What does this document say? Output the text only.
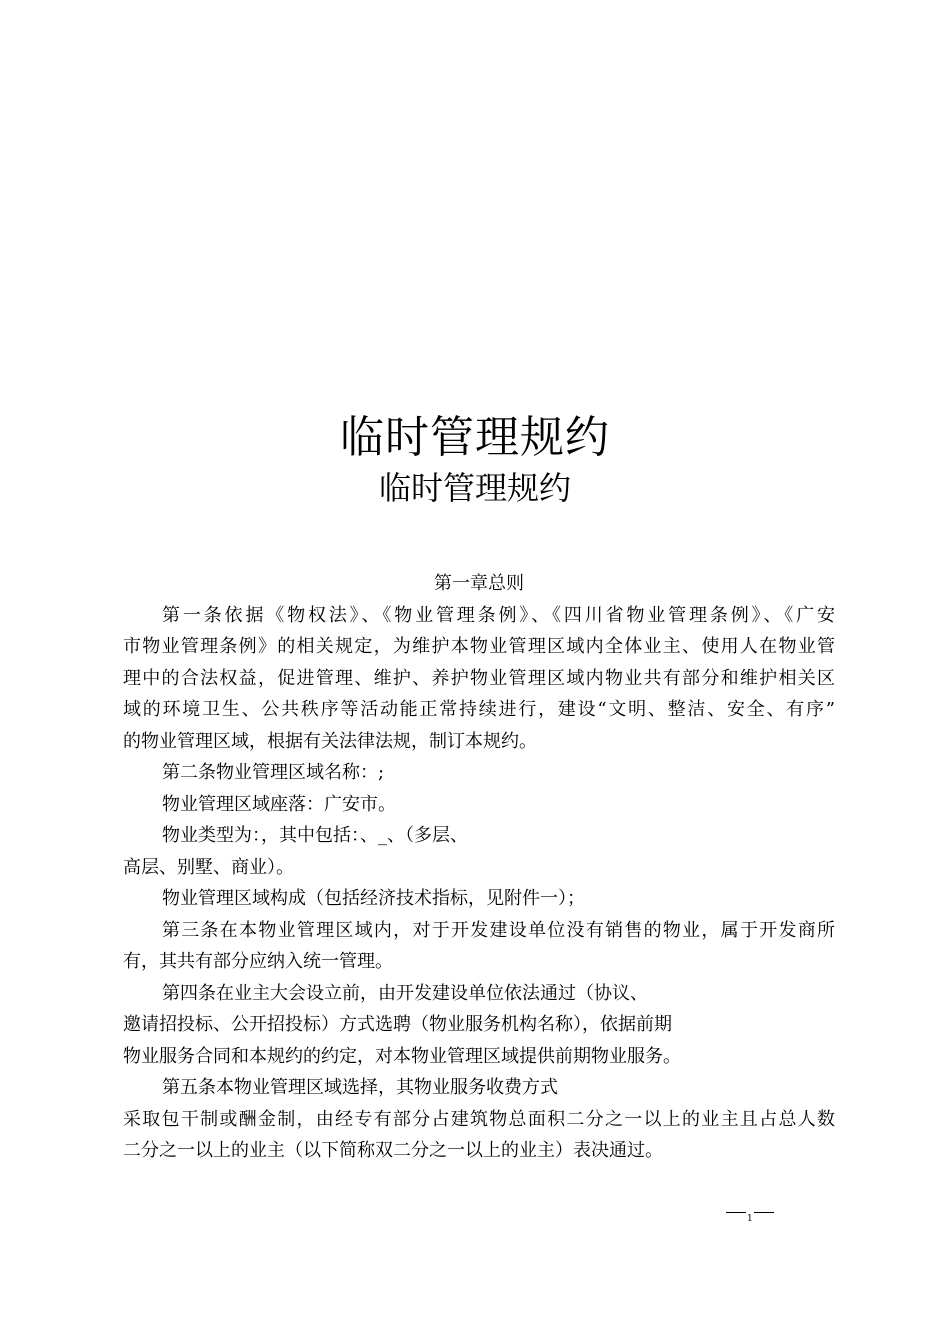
临时管理规约
临时管理规约
第一章总则
第一条依据《物权法》、《物业管理条例》、《四川省物业管理条例》、《广安
市物业管理条例》的相关规定，为维护本物业管理区域内全体业主、使用人在物业管
理中的合法权益，促进管理、维护、养护物业管理区域内物业共有部分和维护相关区
域的环境卫生、公共秩序等活动能正常持续进行，建设“文明、整洁、安全、有序”
的物业管理区域，根据有关法律法规，制订本规约。
第二条物业管理区域名称：;
物业管理区域座落：广安市。
物业类型为：，其中包括：、_、（多层、
高层、别墅、商业）。
物业管理区域构成（包括经济技术指标，见附件一）；
第三条在本物业管理区域内，对于开发建设单位没有销售的物业，属于开发商所
有，其共有部分应纳入统一管理。
第四条在业主大会设立前，由开发建设单位依法通过（协议、
邀请招投标、公开招投标）方式选聘（物业服务机构名称），依据前期
物业服务合同和本规约的约定，对本物业管理区域提供前期物业服务。
第五条本物业管理区域选择，其物业服务收费方式
采取包干制或酬金制，由经专有部分占建筑物总面积二分之一以上的业主且占总人数
二分之一以上的业主（以下简称双二分之一以上的业主）表决通过。
$_1$
